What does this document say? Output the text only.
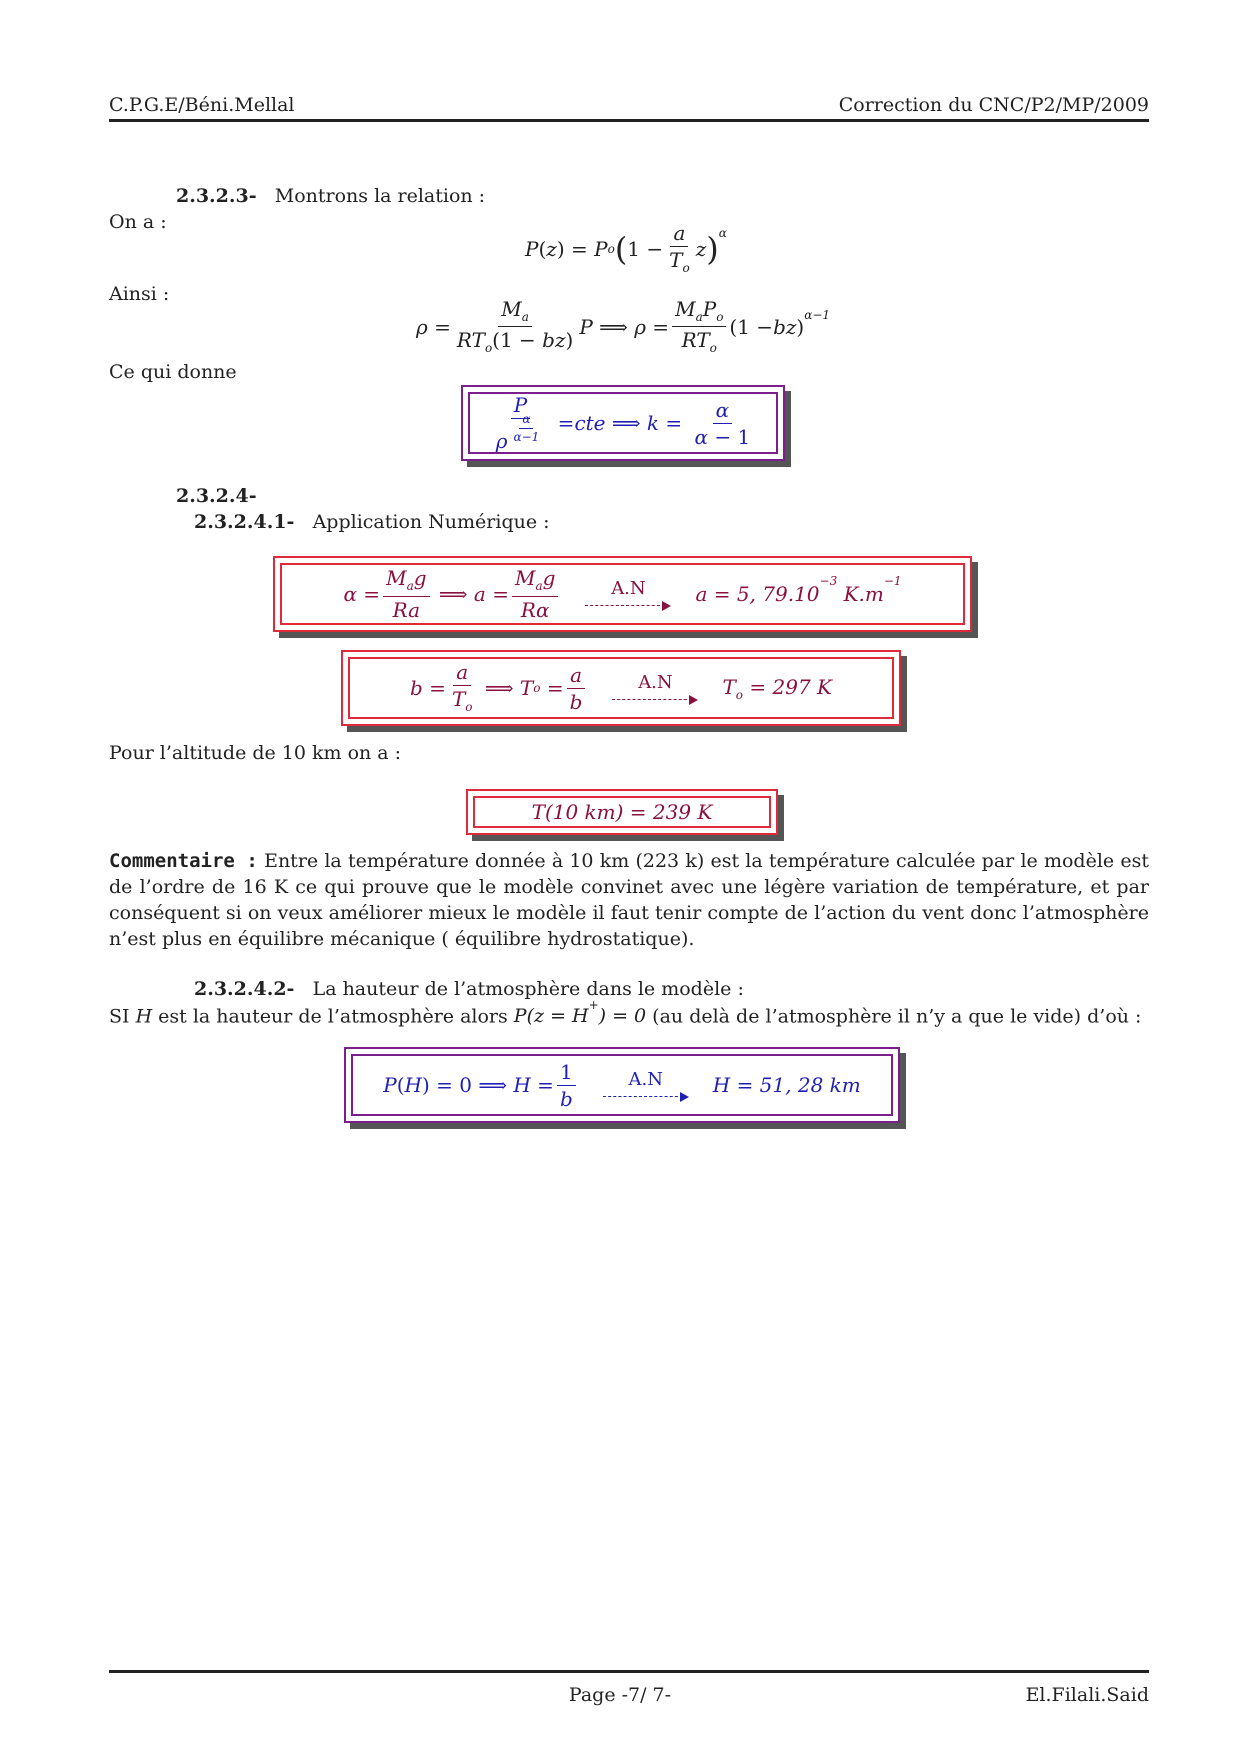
C.P.G.E/Béni.Mellal	Correction du CNC/P2/MP/2009
2.3.2.3- Montrons la relation :
On a :
P ( z ) = P o ( $1 - \frac{a}{T_o}$ z )$^\alpha$
Ainsi :
$\rho = \frac{M_a}{RT_o(1 - bz)}$ P ⟹ $\rho = \frac{M_aP_o}{RT_o} (1$ − bz )$^{\alpha-1}$
Ce qui donne
P
ρ $^{\frac{\alpha}{\alpha-1}}$ = cte ⟹ $k = \frac{\alpha}{\alpha - 1}$
2.3.2.4-
2.3.2.4.1- Application Numérique :
$\alpha = \frac{M_ag}{Ra}$ ⟹ $a = \frac{M_ag}{R\alpha}$	A.N a = 5, $79.10^{-3}$ $K.m^{-1}$
$b = \frac{a}{T_o}$ ⟹ T $o = \frac{a}{b}$	A.N $T_o = 297$ K
Pour l’altitude de 10 km on a :
T(10 km) = 239 K
Commentaire : Entre la température donnée à 10 km (223 k) est la température calculée par le modèle est de l’ordre de 16 K ce qui prouve que le modèle convinet avec une légère variation de température, et par conséquent si on veux améliorer mieux le modèle il faut tenir compte de l’action du vent donc l’atmosphère n’est plus en équilibre mécanique ( équilibre hydrostatique).
2.3.2.4.2- La hauteur de l’atmosphère dans le modèle :
SI H est la hauteur de l’atmosphère alors P(z = H+) = 0 (au delà de l’atmosphère il n’y a que le vide) d’où :
P ( H ) = 0 ⟹ $H = \frac{1}{b}$	A.N H = 51, 28 km
Page -7/ 7-	El.Filali.Said
